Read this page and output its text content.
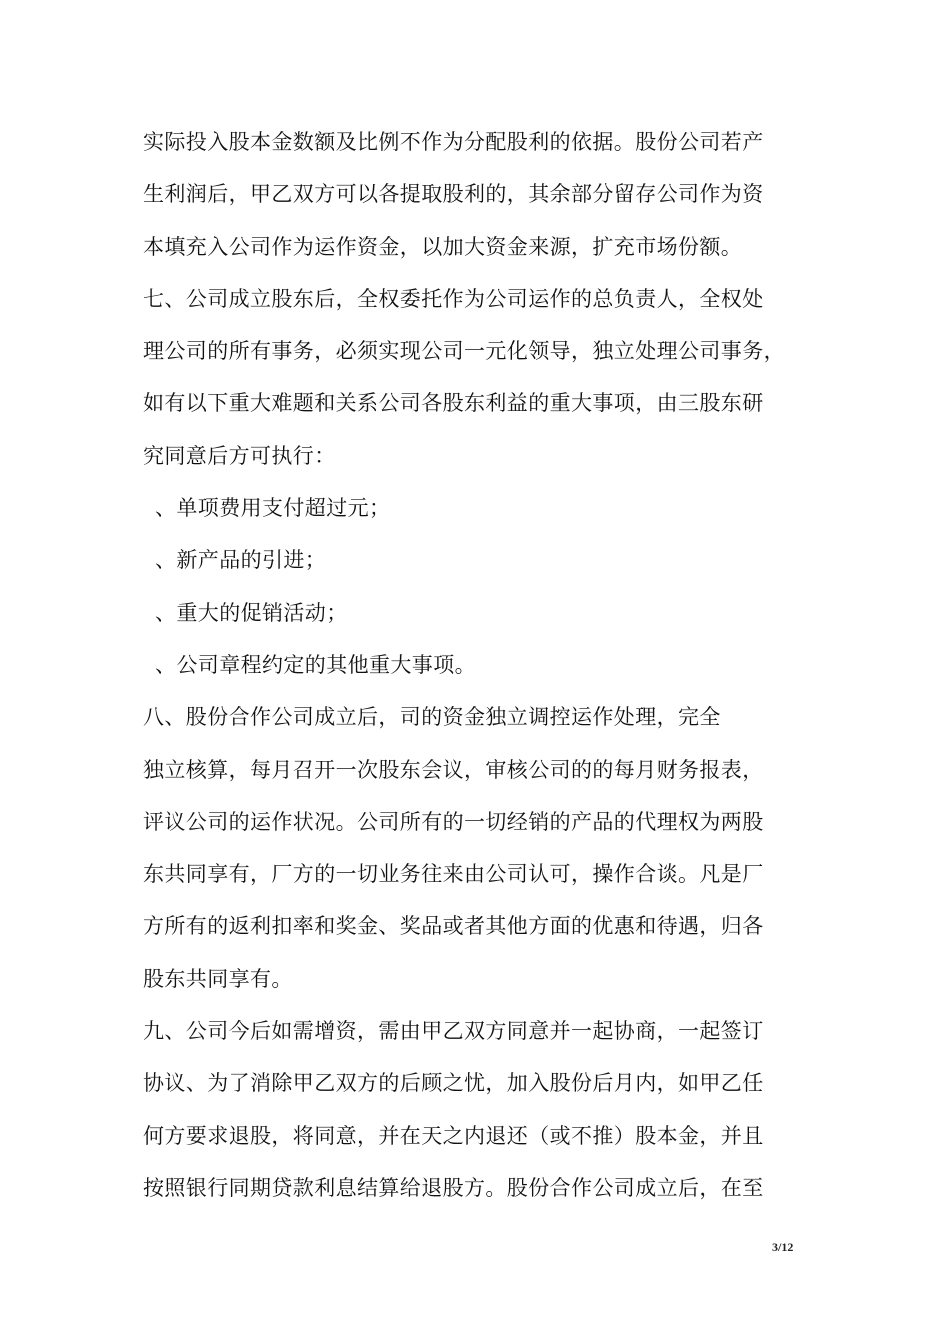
实际投入股本金数额及比例不作为分配股利的依据。股份公司若产
生利润后，甲乙双方可以各提取股利的，其余部分留存公司作为资
本填充入公司作为运作资金，以加大资金来源，扩充市场份额。
七、公司成立股东后，全权委托作为公司运作的总负责人，全权处
理公司的所有事务，必须实现公司一元化领导，独立处理公司事务，
如有以下重大难题和关系公司各股东利益的重大事项，由三股东研
究同意后方可执行：
、单项费用支付超过元；
、新产品的引进；
、重大的促销活动；
、公司章程约定的其他重大事项。
八、股份合作公司成立后，司的资金独立调控运作处理，完全
独立核算，每月召开一次股东会议，审核公司的的每月财务报表，
评议公司的运作状况。公司所有的一切经销的产品的代理权为两股
东共同享有，厂方的一切业务往来由公司认可，操作合谈。凡是厂
方所有的返利扣率和奖金、奖品或者其他方面的优惠和待遇，归各
股东共同享有。
九、公司今后如需增资，需由甲乙双方同意并一起协商，一起签订
协议、为了消除甲乙双方的后顾之忧，加入股份后月内，如甲乙任
何方要求退股，将同意，并在天之内退还（或不推）股本金，并且
按照银行同期贷款利息结算给退股方。股份合作公司成立后，在至
3/12
